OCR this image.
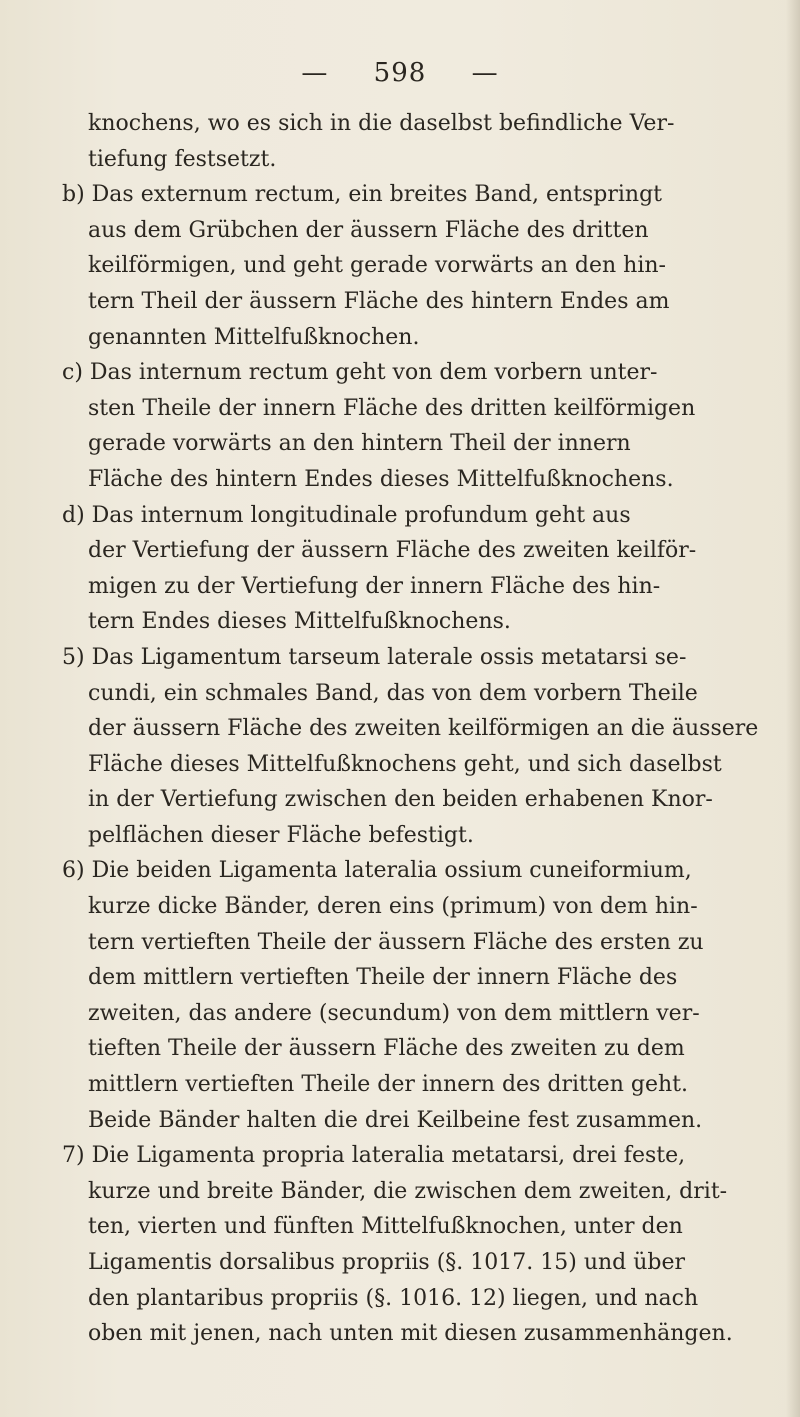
— 598 —
knochens, wo es sich in die daselbst befindliche Ver-
tiefung festsetzt.
b) Das externum rectum, ein breites Band, entspringt
aus dem Grübchen der äussern Fläche des dritten
keilförmigen, und geht gerade vorwärts an den hin-
tern Theil der äussern Fläche des hintern Endes am
genannten Mittelfußknochen.
c) Das internum rectum geht von dem vorbern unter-
sten Theile der innern Fläche des dritten keilförmigen
gerade vorwärts an den hintern Theil der innern
Fläche des hintern Endes dieses Mittelfußknochens.
d) Das internum longitudinale profundum geht aus
der Vertiefung der äussern Fläche des zweiten keilför-
migen zu der Vertiefung der innern Fläche des hin-
tern Endes dieses Mittelfußknochens.
5) Das Ligamentum tarseum laterale ossis metatarsi se-
cundi, ein schmales Band, das von dem vorbern Theile
der äussern Fläche des zweiten keilförmigen an die äussere
Fläche dieses Mittelfußknochens geht, und sich daselbst
in der Vertiefung zwischen den beiden erhabenen Knor-
pelflächen dieser Fläche befestigt.
6) Die beiden Ligamenta lateralia ossium cuneiformium,
kurze dicke Bänder, deren eins (primum) von dem hin-
tern vertieften Theile der äussern Fläche des ersten zu
dem mittlern vertieften Theile der innern Fläche des
zweiten, das andere (secundum) von dem mittlern ver-
tieften Theile der äussern Fläche des zweiten zu dem
mittlern vertieften Theile der innern des dritten geht.
Beide Bänder halten die drei Keilbeine fest zusammen.
7) Die Ligamenta propria lateralia metatarsi, drei feste,
kurze und breite Bänder, die zwischen dem zweiten, drit-
ten, vierten und fünften Mittelfußknochen, unter den
Ligamentis dorsalibus propriis (§. 1017. 15) und über
den plantaribus propriis (§. 1016. 12) liegen, und nach
oben mit jenen, nach unten mit diesen zusammenhängen.
